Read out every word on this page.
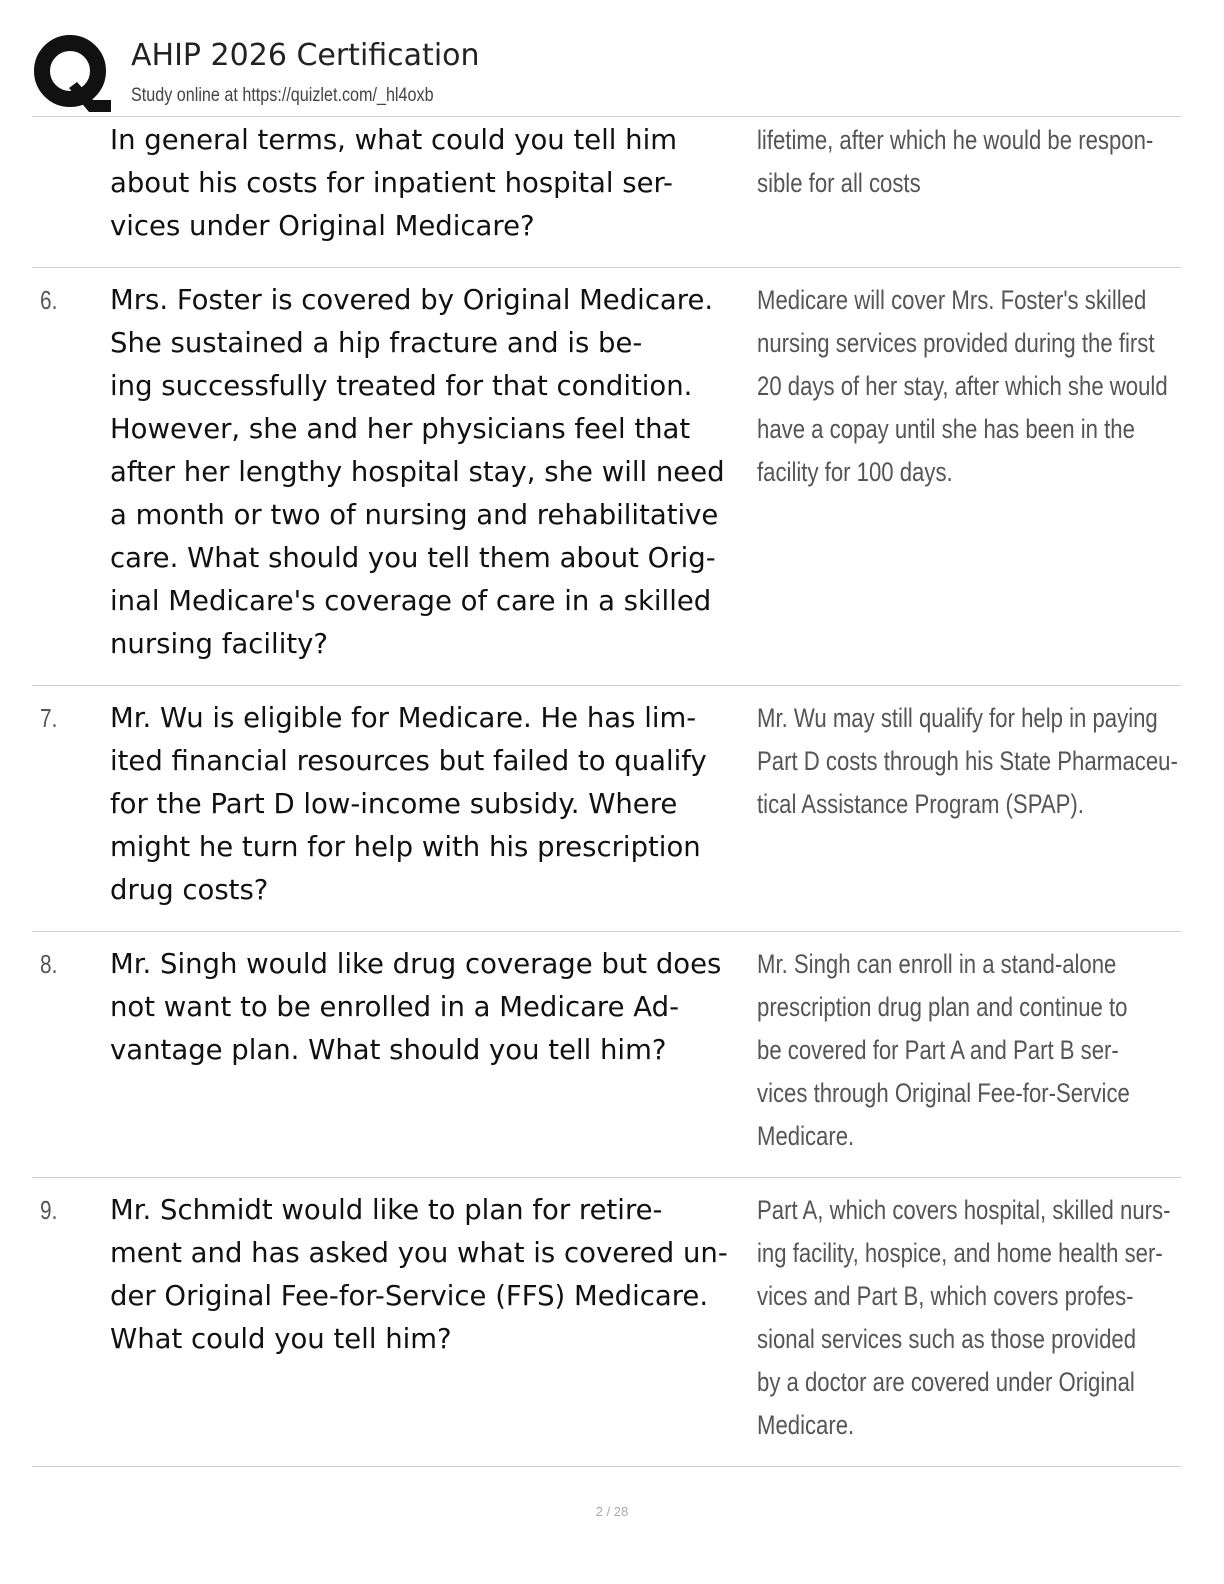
AHIP 2026 Certification
Study online at https://quizlet.com/_hl4oxb
In general terms, what could you tell him
about his costs for inpatient hospital ser-
vices under Original Medicare?
lifetime, after which he would be respon-
sible for all costs
6. Mrs. Foster is covered by Original Medicare.
She sustained a hip fracture and is be-
ing successfully treated for that condition.
However, she and her physicians feel that
after her lengthy hospital stay, she will need
a month or two of nursing and rehabilitative
care. What should you tell them about Orig-
inal Medicare's coverage of care in a skilled
nursing facility?
Medicare will cover Mrs. Foster's skilled
nursing services provided during the first
20 days of her stay, after which she would
have a copay until she has been in the
facility for 100 days.
7. Mr. Wu is eligible for Medicare. He has lim-
ited financial resources but failed to qualify
for the Part D low-income subsidy. Where
might he turn for help with his prescription
drug costs?
Mr. Wu may still qualify for help in paying
Part D costs through his State Pharmaceu-
tical Assistance Program (SPAP).
8. Mr. Singh would like drug coverage but does
not want to be enrolled in a Medicare Ad-
vantage plan. What should you tell him?
Mr. Singh can enroll in a stand-alone
prescription drug plan and continue to
be covered for Part A and Part B ser-
vices through Original Fee-for-Service
Medicare.
9. Mr. Schmidt would like to plan for retire-
ment and has asked you what is covered un-
der Original Fee-for-Service (FFS) Medicare.
What could you tell him?
Part A, which covers hospital, skilled nurs-
ing facility, hospice, and home health ser-
vices and Part B, which covers profes-
sional services such as those provided
by a doctor are covered under Original
Medicare.
2 / 28
